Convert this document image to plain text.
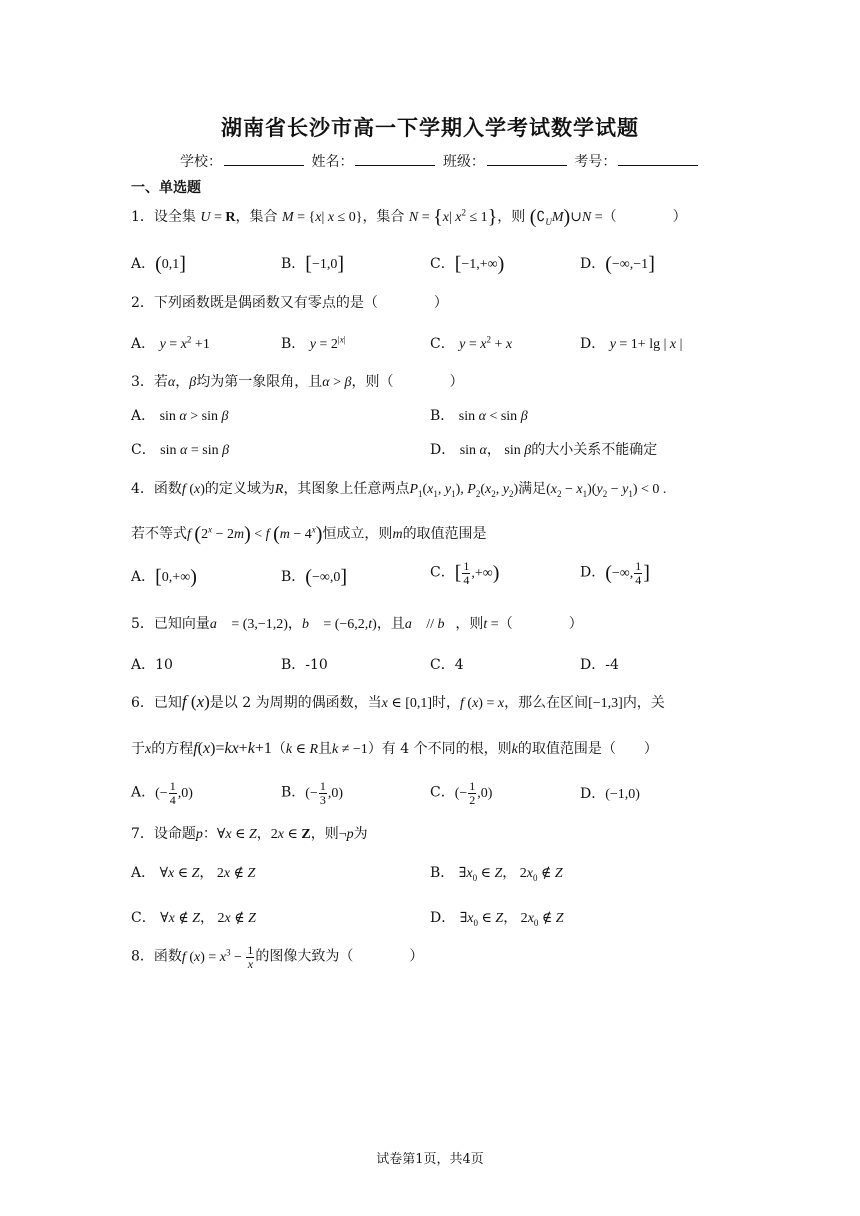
湖南省长沙市高一下学期入学考试数学试题
学校：	姓名：	班级：	考号：
一、单选题
1．设全集 U = R，集合 M = {x| x ≤ 0}，集合 N = {x| $x^2 \le 1$}，则 $(∁_UM)\cup N$ =（　　　　）
A．(0,1]	B．[−1,0]	C．[−1,+∞)	D．(−∞,−1]
2．下列函数既是偶函数又有零点的是（　　　　）
A． $y = x^2 +1$	B． $y = 2^{|x|}$	C． $y = x^2 + x$	D． y = 1+ lg | x |
3．若α，β均为第一象限角，且α > β，则（　　　　）
A． sin α > sin β	B． sin α < sin β
C． sin α = sin β	D． sin α， sin β的大小关系不能确定
4．函数f (x)的定义域为R，其图象上任意两点$P_1(x_1$, $y_1$), $P_2(x_2$, $y_2$)满足$(x_2 - x_1)(y_2 - y_1) < 0$ .
若不等式f $(2^x - 2m) < f$ $(m - 4^x)$恒成立，则m的取值范围是
A．[0,+∞)	B．(−∞,0]	C．[ $\frac{1}{4}$ ,+∞)	D．(−∞, $\frac{1}{4}$ ]
5．已知向量a⃗ = (3,−1,2)，b⃗ = (−6,2,t)，且a⃗ // b⃗，则t =（　　　　）
A．10	B．-10	C．4	D．-4
6．已知f (x)是以 2 为周期的偶函数，当x ∈ [0,1]时，f (x) = x，那么在区间[−1,3]内，关
于x的方程f(x)=kx+k+1（k ∈ R且k ≠ −1）有 4 个不同的根，则k的取值范围是（　　）
A．(− $\frac{1}{4} ,0$)	B．(− $\frac{1}{3} ,0$)	C．(− $\frac{1}{2} ,0$)	D．(−1,0)
7．设命题p：∀x ∈ Z，2x ∈ Z，则¬p为
A． ∀x ∈ Z， 2x ∉ Z	B． $\exists x_0$ ∈ Z， $2x_0$ ∉ Z
C． ∀x ∉ Z， 2x ∉ Z	D． $\exists x_0$ ∈ Z， $2x_0$ ∉ Z
8．函数f $(x) = x^3 - \frac{1}{x}$ 的图像大致为（　　　　）
试卷第1页，共4页
